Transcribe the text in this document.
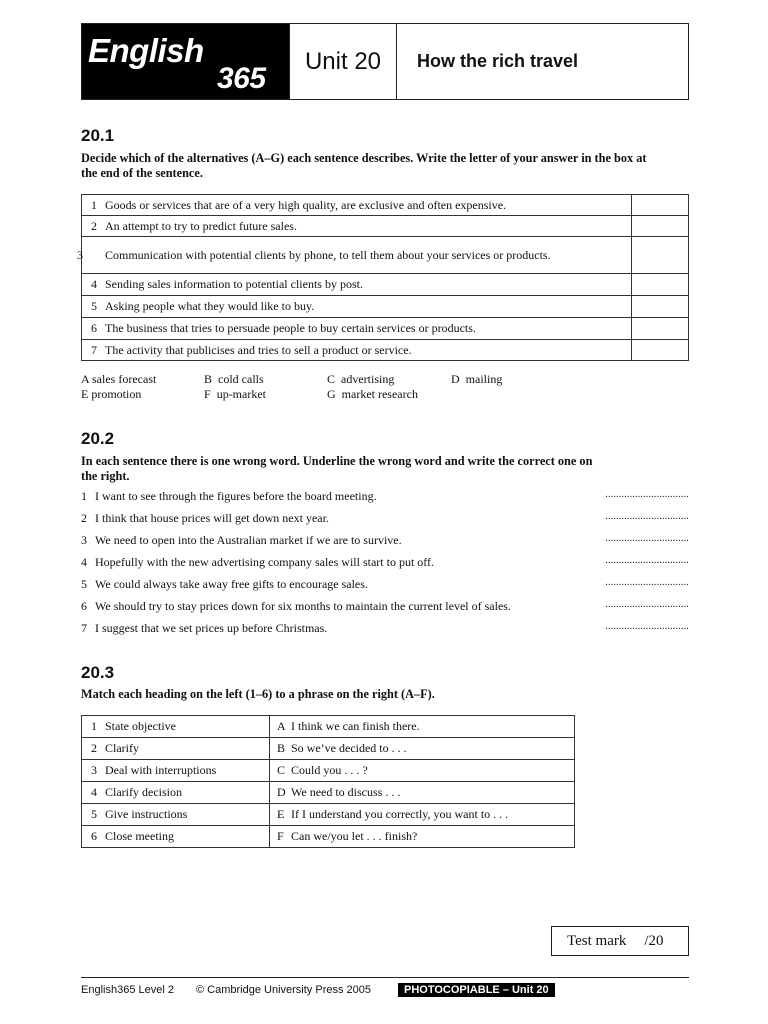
English
365
Unit 20	How the rich travel
20.1
Decide which of the alternatives (A–G) each sentence describes. Write the letter of your answer in the box at the end of the sentence.
1 Goods or services that are of a very high quality, are exclusive and often expensive.	
2 An attempt to try to predict future sales.	

3 Communication with potential clients by phone, to tell them about your services or products.	

4 Sending sales information to potential clients by post.	
5 Asking people what they would like to buy.	
6 The business that tries to persuade people to buy certain services or products.	
7 The activity that publicises and tries to sell a product or service.	
A sales forecast	B cold calls	C advertising	D mailing
E promotion	F up-market	G market research
20.2
In each sentence there is one wrong word. Underline the wrong word and write the correct one on the right.
1 I want to see through the figures before the board meeting.	...............................
2 I think that house prices will get down next year.	...............................
3 We need to open into the Australian market if we are to survive.	...............................
4 Hopefully with the new advertising company sales will start to put off.	...............................
5 We could always take away free gifts to encourage sales.	...............................
6 We should try to stay prices down for six months to maintain the current level of sales.	...............................
7 I suggest that we set prices up before Christmas.	...............................
20.3
Match each heading on the left (1–6) to a phrase on the right (A–F).
1 State objective	A I think we can finish there.
2 Clarify	B So we’ve decided to . . .
3 Deal with interruptions	C Could you . . . ?
4 Clarify decision	D We need to discuss . . .
5 Give instructions	E If I understand you correctly, you want to . . .
6 Close meeting	F Can we/you let . . . finish?
Test mark /20
English365 Level 2 © Cambridge University Press 2005	PHOTOCOPIABLE – Unit 20
